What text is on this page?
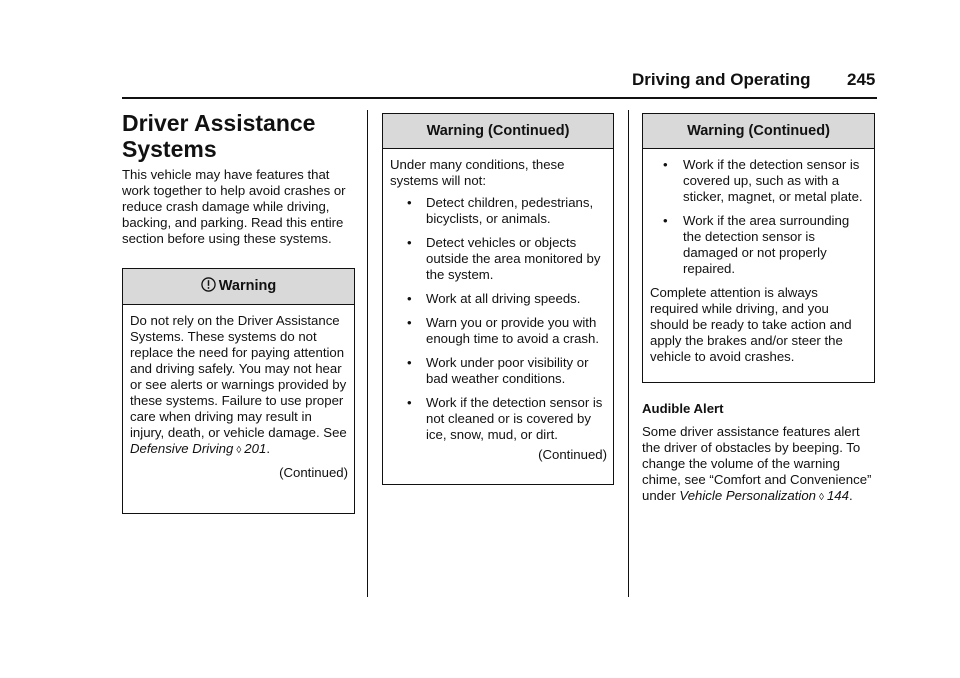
Driving and Operating 245
Driver Assistance Systems
This vehicle may have features that work together to help avoid crashes or reduce crash damage while driving, backing, and parking. Read this entire section before using these systems.
Warning
Do not rely on the Driver Assistance Systems. These systems do not replace the need for paying attention and driving safely. You may not hear or see alerts or warnings provided by these systems. Failure to use proper care when driving may result in injury, death, or vehicle damage. See Defensive Driving ◊ 201.
(Continued)
Warning (Continued)
Under many conditions, these systems will not:
• Detect children, pedestrians, bicyclists, or animals.
• Detect vehicles or objects outside the area monitored by the system.
• Work at all driving speeds.
• Warn you or provide you with enough time to avoid a crash.
• Work under poor visibility or bad weather conditions.
• Work if the detection sensor is not cleaned or is covered by ice, snow, mud, or dirt.
(Continued)
Warning (Continued)
• Work if the detection sensor is covered up, such as with a sticker, magnet, or metal plate.
• Work if the area surrounding the detection sensor is damaged or not properly repaired.
Complete attention is always required while driving, and you should be ready to take action and apply the brakes and/or steer the vehicle to avoid crashes.
Audible Alert
Some driver assistance features alert the driver of obstacles by beeping. To change the volume of the warning chime, see “Comfort and Convenience” under Vehicle Personalization ◊ 144.
